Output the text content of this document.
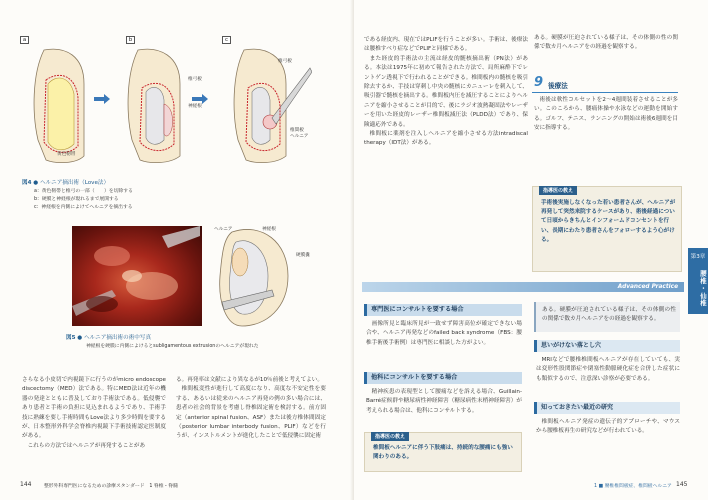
a	b	c
黄色靭帯
椎弓板
神経根
椎弓板
椎間板
ヘルニア
図4 ● ヘルニア摘出術（Love法）
a：黄色靭帯と椎弓の一部（　　）を切除する
b：硬膜と神経根が現れるまで展開する
c：神経根を内側によけてヘルニアを摘出する
ヘルニア	神経根
硬膜嚢
図5 ● ヘルニア摘出術の術中写真
神経根を硬膜に内側によけるとsubligamentous extrusionのヘルニアが現れた
さらなる小皮切で内視鏡下に行うのがmicro endoscope discectomy（MED）法である。特にMED法は近年の機器の発達とともに普及しており手術法である。低侵襲であり患者と手術の負担に見込まれるようであり、手術手技に熟練を要し手術時間もLove法より多少時間を要するが、日本整形外科学会脊椎内視鏡下手術技術認定医制度がある。
これらの方法ではヘルニアが再発することがあ
る。再発率は文献により異なるが10％前後と考えてよい。
椎間板変性が進行して高度になり、高度な不安定性を要する、あるいは従来のヘルニア再発の例の多い場合には、患者の社会的背景を考慮し脊椎固定術を検討する。前方固定（anterior spinal fusion、ASF）または後方椎体間固定（posterior lumbar interbody fusion、PLIF）などを行うが、インストルメントが進化したことで低侵襲に固定術
144	整形外科専門医になるための診療スタンダード　1 脊椎・脊髄
である経皮内、現在ではPLIFを行うことが多い。手術は、後療法は腰椎すべり症などでPLIFと同様である。
また経皮的手術法の主流は経皮的髄核摘出術（PN法）がある。本法は1975年に初めて報告された方法で、局所麻酔下でレントゲン透視下で行われることができる。椎間板内の髄核を吸引除去するか、手技は穿刺し中央の髄核にカニューレを刺入して、吸引器で髄核を摘出する。椎間板内圧を減圧することによりヘルニアを縮小させることが目的で、後にラジオ波熱凝固法やレーザーを用いた経皮的レーザー椎間板減圧法（PLDD法）であり、保険適応外である。
椎間板に薬剤を注入しヘルニアを縮小させる方法intradiscal therapy（IDT法）がある。
9 後療法
術後は軟性コルセットを2〜4週間装着させることが多い。このころから、腰痛体操や水泳などの運動を開始する。ゴルフ、テニス、ランニングの開始は術後6週間を目安に指導する。
ある。硬膜が圧迫されている様子は、その体側の性の関係で数カ月ヘルニアをの経過を観察する。
指導医の教え
手術後実施しなくなった若い患者さんが、ヘルニアが再発して突然来院するケースがあり、術後経過について日頃からきちんとインフォームドコンセントを行い、長期にわたり患者さんをフォローするよう心がける。
Advanced Practice
専門医にコンサルトを要する場合
画像所見と臨床所見が一致せず障害高位が確定できない場合や、ヘルニア再発などのfailed back syndrome（FBS：腰椎手術後手術例）は専門医に相談した方がよい。
他科にコンサルトを要する場合
精神疾患の表現型として腰痛などを訴える場合、Guillain-Barré症候群や糖尿病性神経障害（糖尿病性末梢神経障害）が考えられる場合は、他科にコンサルトする。
指導医の教え
椎間板ヘルニアに伴う下肢痛は、持続的な腰痛にも強い関わりのある。
ある。硬膜が圧迫されている様子は、その体側の性の関係で数カ月ヘルニアをの経過を観察する。
思いがけない落とし穴
MRIなどで腰椎椎間板ヘルニアが存在していても、実は変形性股関節症や閉塞性動脈硬化症を合併した症状にも類似するので、注意深い診察が必要である。
知っておきたい最近の研究
椎間板ヘルニア発症の遺伝子的アプローチや、マウスから腰椎板再生の研究などが行われている。
第3章
腰椎・仙椎
1 ■ 腰椎椎間板症、椎間板ヘルニア 145
